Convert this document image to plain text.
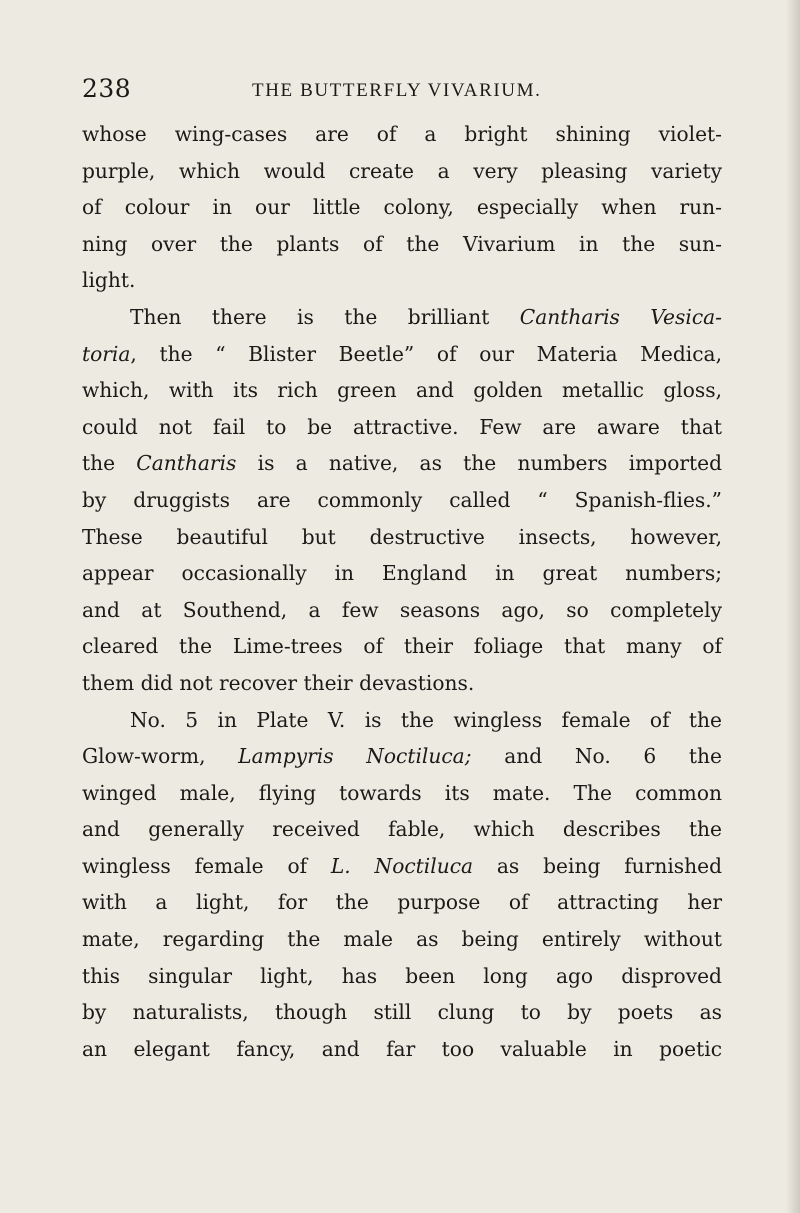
238	THE BUTTERFLY VIVARIUM.
whose wing-cases are of a bright shining violet-
purple, which would create a very pleasing variety
of colour in our little colony, especially when run-
ning over the plants of the Vivarium in the sun-
light.
Then there is the brilliant Cantharis Vesica-
toria, the “ Blister Beetle” of our Materia Medica,
which, with its rich green and golden metallic gloss,
could not fail to be attractive. Few are aware that
the Cantharis is a native, as the numbers imported
by druggists are commonly called “ Spanish-flies.”
These beautiful but destructive insects, however,
appear occasionally in England in great numbers;
and at Southend, a few seasons ago, so completely
cleared the Lime-trees of their foliage that many of
them did not recover their devastions.
No. 5 in Plate V. is the wingless female of the
Glow-worm, Lampyris Noctiluca; and No. 6 the
winged male, flying towards its mate. The common
and generally received fable, which describes the
wingless female of L. Noctiluca as being furnished
with a light, for the purpose of attracting her
mate, regarding the male as being entirely without
this singular light, has been long ago disproved
by naturalists, though still clung to by poets as
an elegant fancy, and far too valuable in poetic
